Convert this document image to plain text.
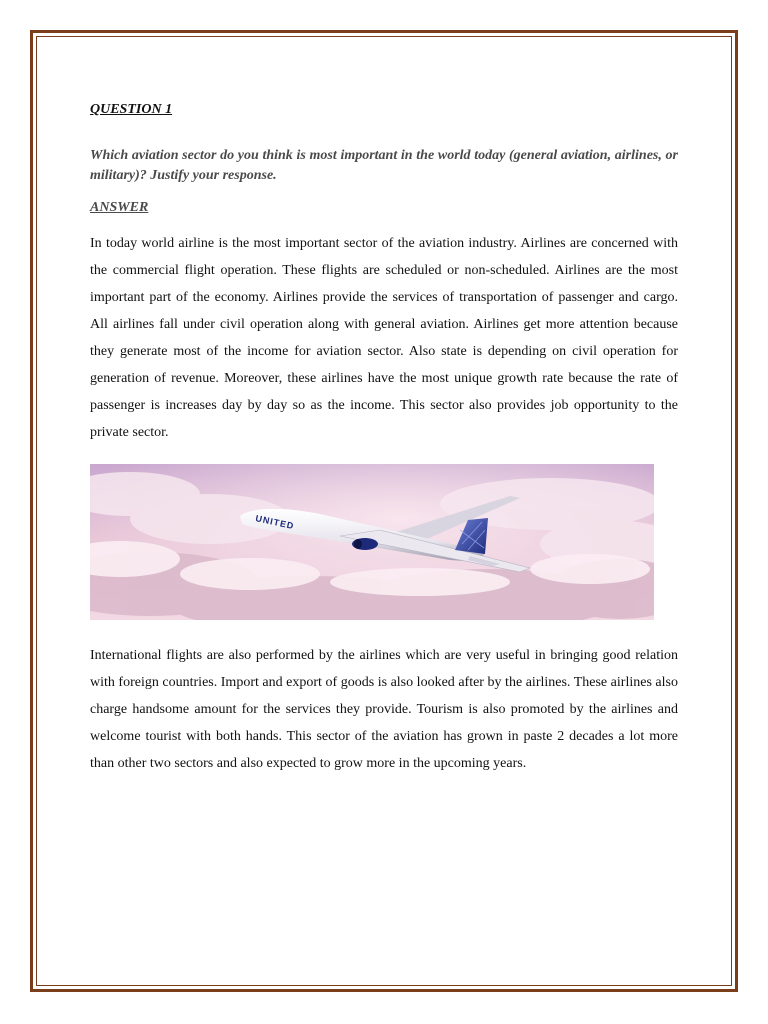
QUESTION 1
Which aviation sector do you think is most important in the world today (general aviation, airlines, or military)? Justify your response.
ANSWER

In today world airline is the most important sector of the aviation industry. Airlines are concerned with the commercial flight operation. These flights are scheduled or non-scheduled. Airlines are the most important part of the economy. Airlines provide the services of transportation of passenger and cargo. All airlines fall under civil operation along with general aviation. Airlines get more attention because they generate most of the income for aviation sector. Also state is depending on civil operation for generation of revenue. Moreover, these airlines have the most unique growth rate because the rate of passenger is increases day by day so as the income. This sector also provides job opportunity to the private sector.

UNITED

International flights are also performed by the airlines which are very useful in bringing good relation with foreign countries. Import and export of goods is also looked after by the airlines. These airlines also charge handsome amount for the services they provide. Tourism is also promoted by the airlines and welcome tourist with both hands. This sector of the aviation has grown in paste 2 decades a lot more than other two sectors and also expected to grow more in the upcoming years.
